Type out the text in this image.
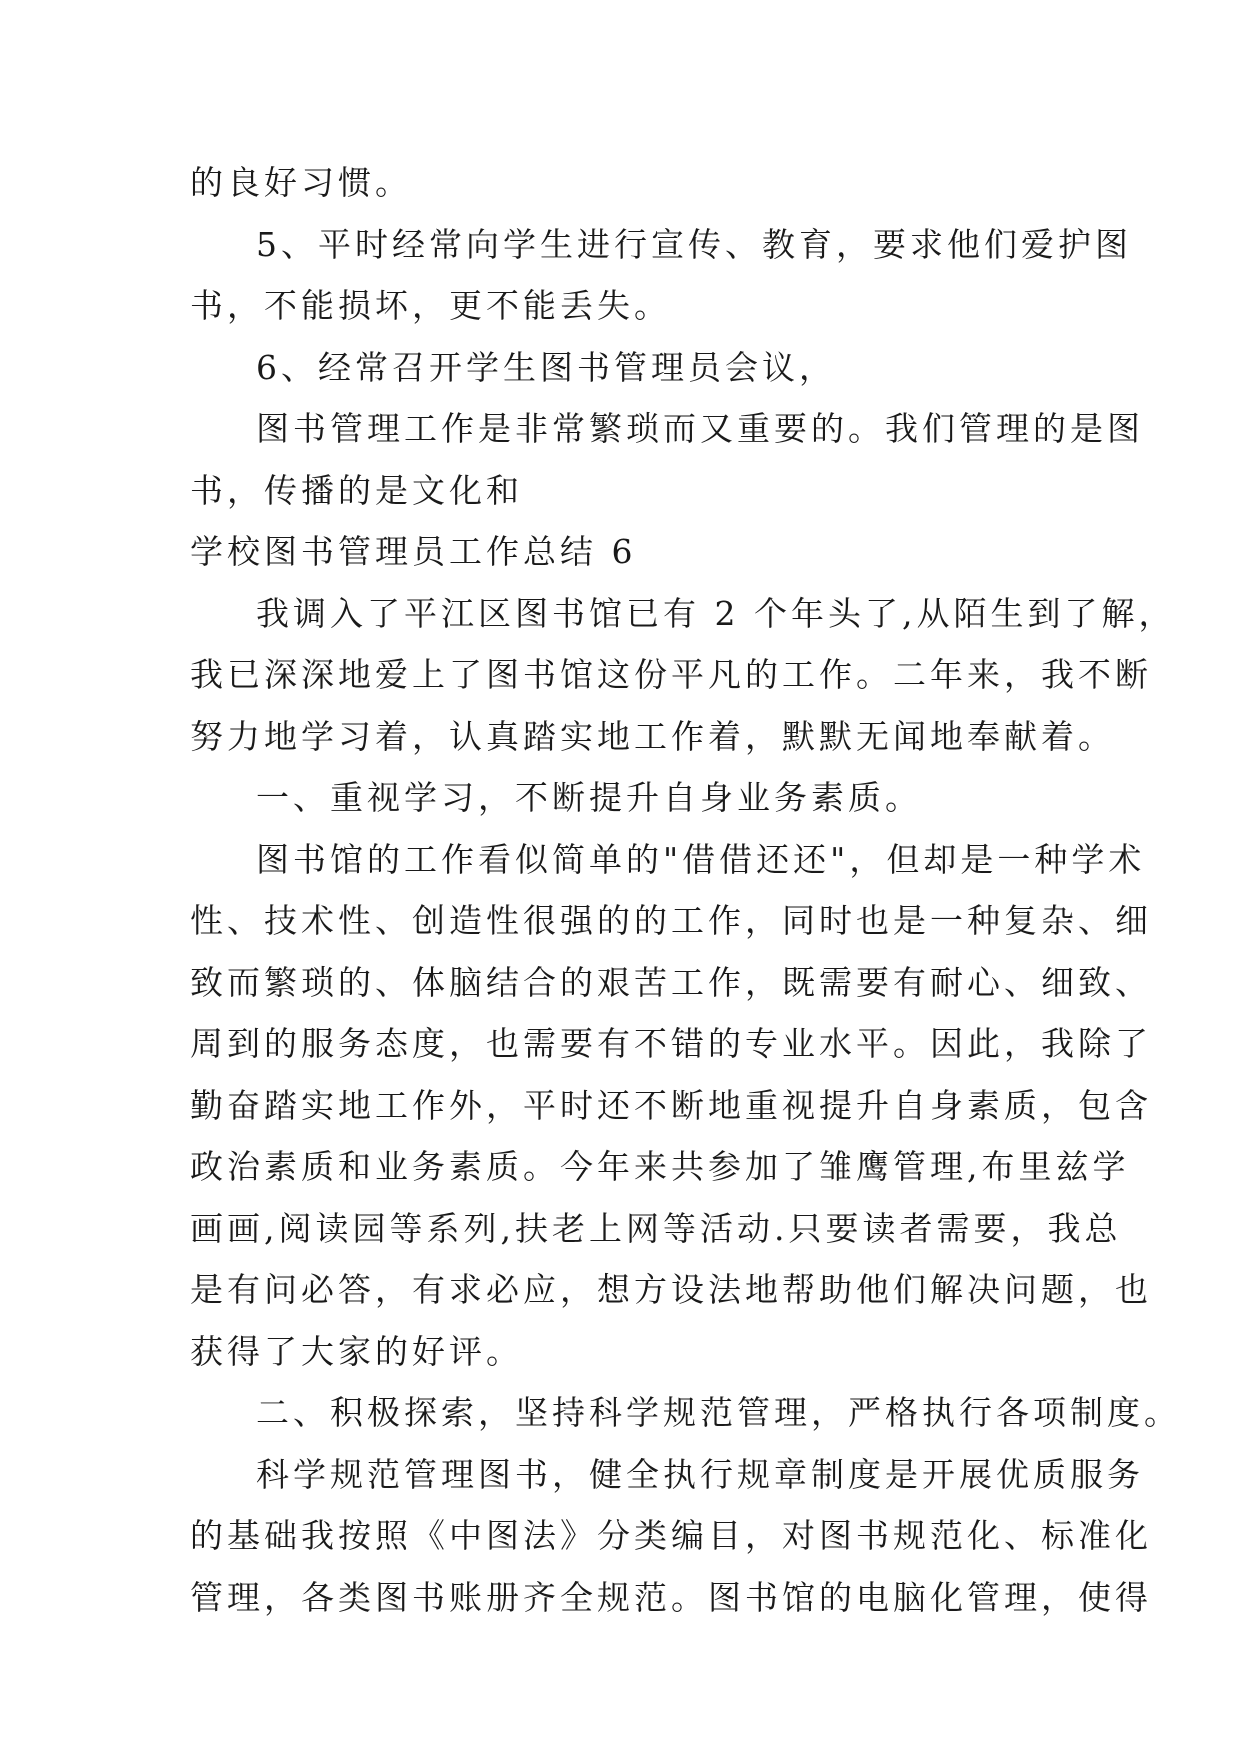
的良好习惯。
5、平时经常向学生进行宣传、教育，要求他们爱护图
书，不能损坏，更不能丢失。
6、经常召开学生图书管理员会议，
图书管理工作是非常繁琐而又重要的。我们管理的是图
书，传播的是文化和
学校图书管理员工作总结 6
我调入了平江区图书馆已有 2 个年头了,从陌生到了解，
我已深深地爱上了图书馆这份平凡的工作。二年来，我不断
努力地学习着，认真踏实地工作着，默默无闻地奉献着。
一、重视学习，不断提升自身业务素质。
图书馆的工作看似简单的"借借还还"，但却是一种学术
性、技术性、创造性很强的的工作，同时也是一种复杂、细
致而繁琐的、体脑结合的艰苦工作，既需要有耐心、细致、
周到的服务态度，也需要有不错的专业水平。因此，我除了
勤奋踏实地工作外，平时还不断地重视提升自身素质，包含
政治素质和业务素质。今年来共参加了雏鹰管理,布里兹学
画画,阅读园等系列,扶老上网等活动.只要读者需要，我总
是有问必答，有求必应，想方设法地帮助他们解决问题，也
获得了大家的好评。
二、积极探索，坚持科学规范管理，严格执行各项制度。
科学规范管理图书，健全执行规章制度是开展优质服务
的基础我按照《中图法》分类编目，对图书规范化、标准化
管理，各类图书账册齐全规范。图书馆的电脑化管理，使得
